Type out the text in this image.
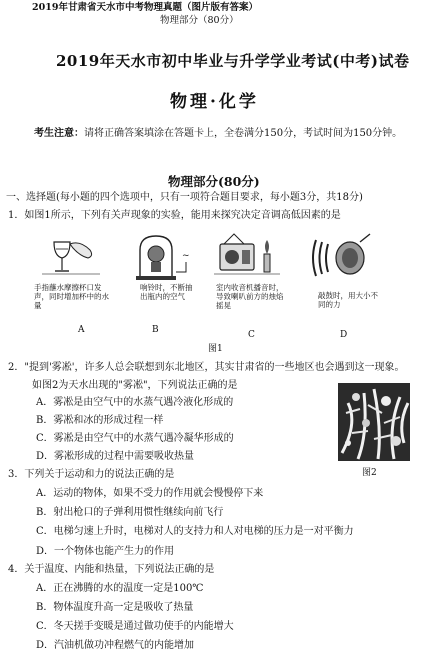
2019年甘肃省天水市中考物理真题（图片版有答案）
物理部分（80分）
2019年天水市初中毕业与升学学业考试(中考)试卷
物理·化学
考生注意：请将正确答案填涂在答题卡上，全卷满分150分，考试时间为150分钟。
物理部分(80分)
一、选择题(每小题的四个选项中，只有一项符合题目要求，每小题3分，共18分)
1．如图1所示，下列有关声现象的实验，能用来探究决定音调高低因素的是
手指蘸水摩擦杯口发声，同时增加杯中的水量
A
~
响铃时，不断抽出瓶内的空气
B
室内收音机播音时，导致喇叭前方的烛焰摇晃
C
敲鼓时，用大小不同的力
D
图1
2．"提到'雾凇'，许多人总会联想到东北地区，其实甘肃省的一些地区也会遇到这一现象。
如图2为天水出现的"雾凇"，下列说法正确的是
A．雾凇是由空气中的水蒸气遇冷液化形成的
B．雾凇和冰的形成过程一样
C．雾凇是由空气中的水蒸气遇冷凝华形成的
D．雾凇形成的过程中需要吸收热量
图2
3．下列关于运动和力的说法正确的是
A．运动的物体，如果不受力的作用就会慢慢停下来
B．射出枪口的子弹利用惯性继续向前飞行
C．电梯匀速上升时，电梯对人的支持力和人对电梯的压力是一对平衡力
D．一个物体也能产生力的作用
4．关于温度、内能和热量，下列说法正确的是
A．正在沸腾的水的温度一定是100℃
B．物体温度升高一定是吸收了热量
C．冬天搓手变暖是通过做功使手的内能增大
D．汽油机做功冲程燃气的内能增加
